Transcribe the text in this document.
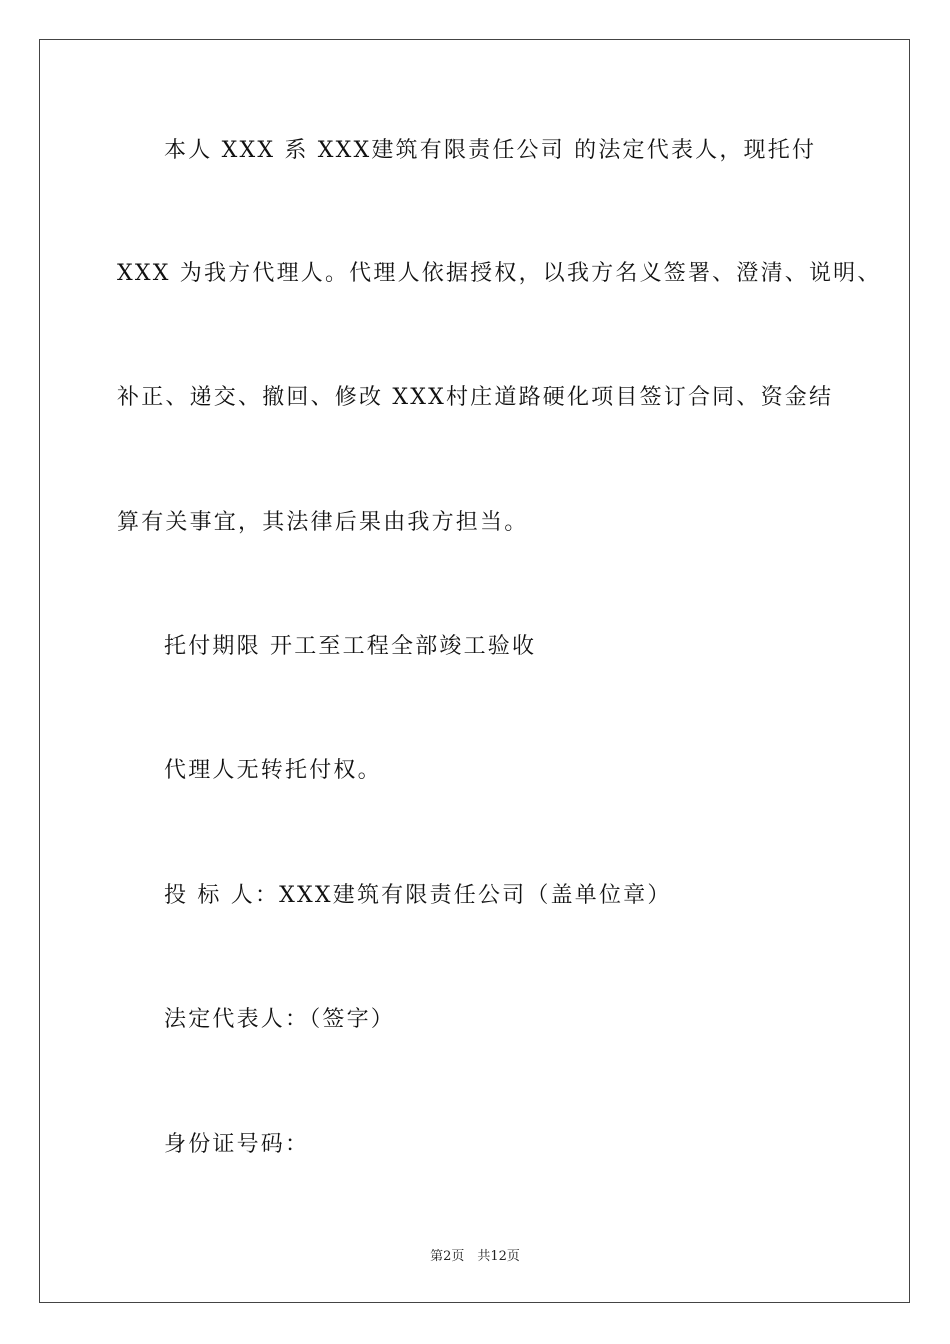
本人 XXX 系 XXX建筑有限责任公司 的法定代表人，现托付
XXX 为我方代理人。代理人依据授权，以我方名义签署、澄清、说明、
补正、递交、撤回、修改 XXX村庄道路硬化项目签订合同、资金结
算有关事宜，其法律后果由我方担当。
托付期限 开工至工程全部竣工验收
代理人无转托付权。
投 标 人：XXX建筑有限责任公司（盖单位章）
法定代表人：（签字）
身份证号码：
第2页　共12页
